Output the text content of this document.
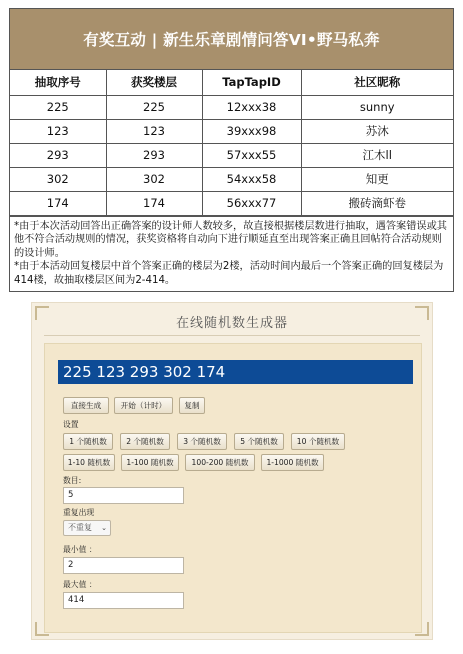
有奖互动 | 新生乐章剧情问答VI•野马私奔
抽取序号	获奖楼层	TapTapID	社区昵称
225	225	12xxx38	sunny
123	123	39xxx98	苏沐
293	293	57xxx55	江木ll
302	302	54xxx58	知更
174	174	56xxx77	搬砖滴虾卷

*由于本次活动回答出正确答案的设计师人数较多，故直接根据楼层数进行抽取，遇答案错误或其他不符合活动规则的情况，获奖资格将自动向下进行顺延直至出现答案正确且回帖符合活动规则的设计师。

*由于本活动回复楼层中首个答案正确的楼层为2楼，活动时间内最后一个答案正确的回复楼层为414楼，故抽取楼层区间为2-414。

在线随机数生成器
225 123 293 302 174
直接生成	开始（计时）	复制
设置
1 个随机数	2 个随机数	3 个随机数	5 个随机数	10 个随机数
1-10 随机数	1-100 随机数	100-200 随机数	1-1000 随机数
数目:
5
重复出现
不重复 ⌄
最小值 ：
2
最大值 ：
414
